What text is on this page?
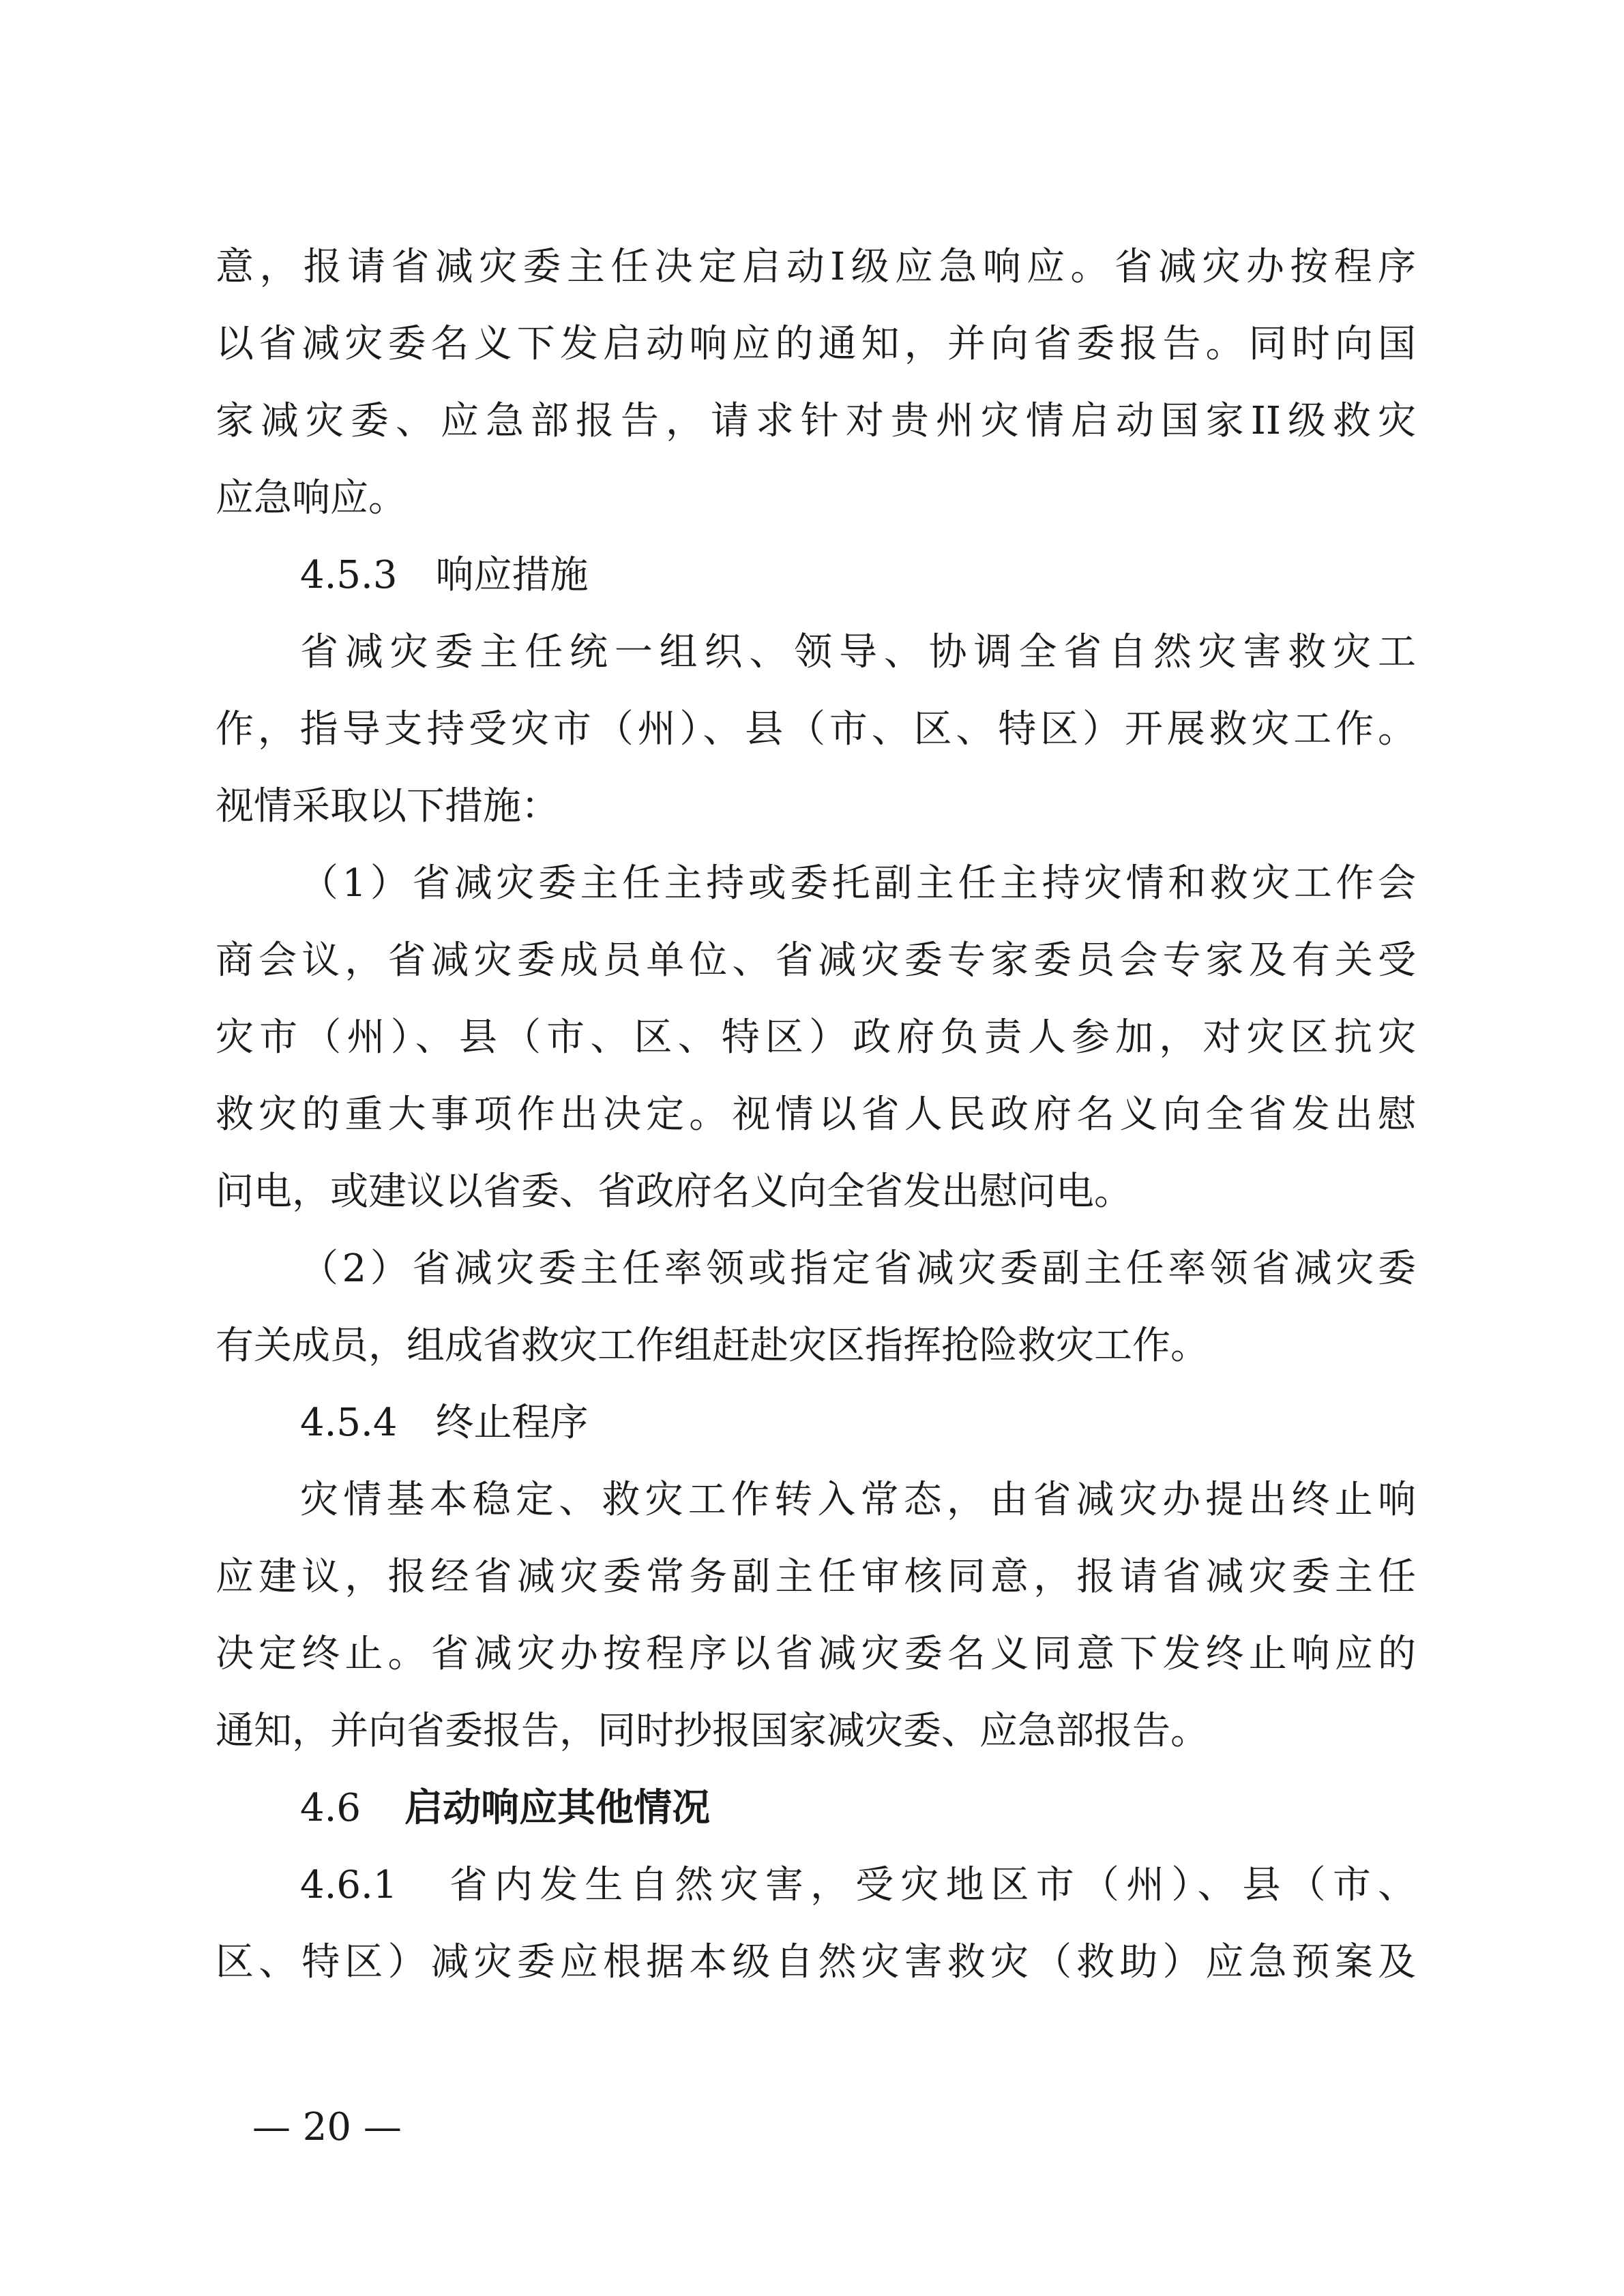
意，报请省减灾委主任决定启动Ⅰ级应急响应。省减灾办按程序
以省减灾委名义下发启动响应的通知，并向省委报告。同时向国
家减灾委、应急部报告，请求针对贵州灾情启动国家II级救灾
应急响应。
4.5.3　响应措施
省减灾委主任统一组织、领导、协调全省自然灾害救灾工
作，指导支持受灾市（州）、县（市、区、特区）开展救灾工作。
视情采取以下措施：
（1）省减灾委主任主持或委托副主任主持灾情和救灾工作会
商会议，省减灾委成员单位、省减灾委专家委员会专家及有关受
灾市（州）、县（市、区、特区）政府负责人参加，对灾区抗灾
救灾的重大事项作出决定。视情以省人民政府名义向全省发出慰
问电，或建议以省委、省政府名义向全省发出慰问电。
（2）省减灾委主任率领或指定省减灾委副主任率领省减灾委
有关成员，组成省救灾工作组赶赴灾区指挥抢险救灾工作。
4.5.4　终止程序
灾情基本稳定、救灾工作转入常态，由省减灾办提出终止响
应建议，报经省减灾委常务副主任审核同意，报请省减灾委主任
决定终止。省减灾办按程序以省减灾委名义同意下发终止响应的
通知，并向省委报告，同时抄报国家减灾委、应急部报告。
4.6 启动响应其他情况
4.6.1　省内发生自然灾害，受灾地区市（州）、县（市、
区、特区）减灾委应根据本级自然灾害救灾（救助）应急预案及
— 20 —
